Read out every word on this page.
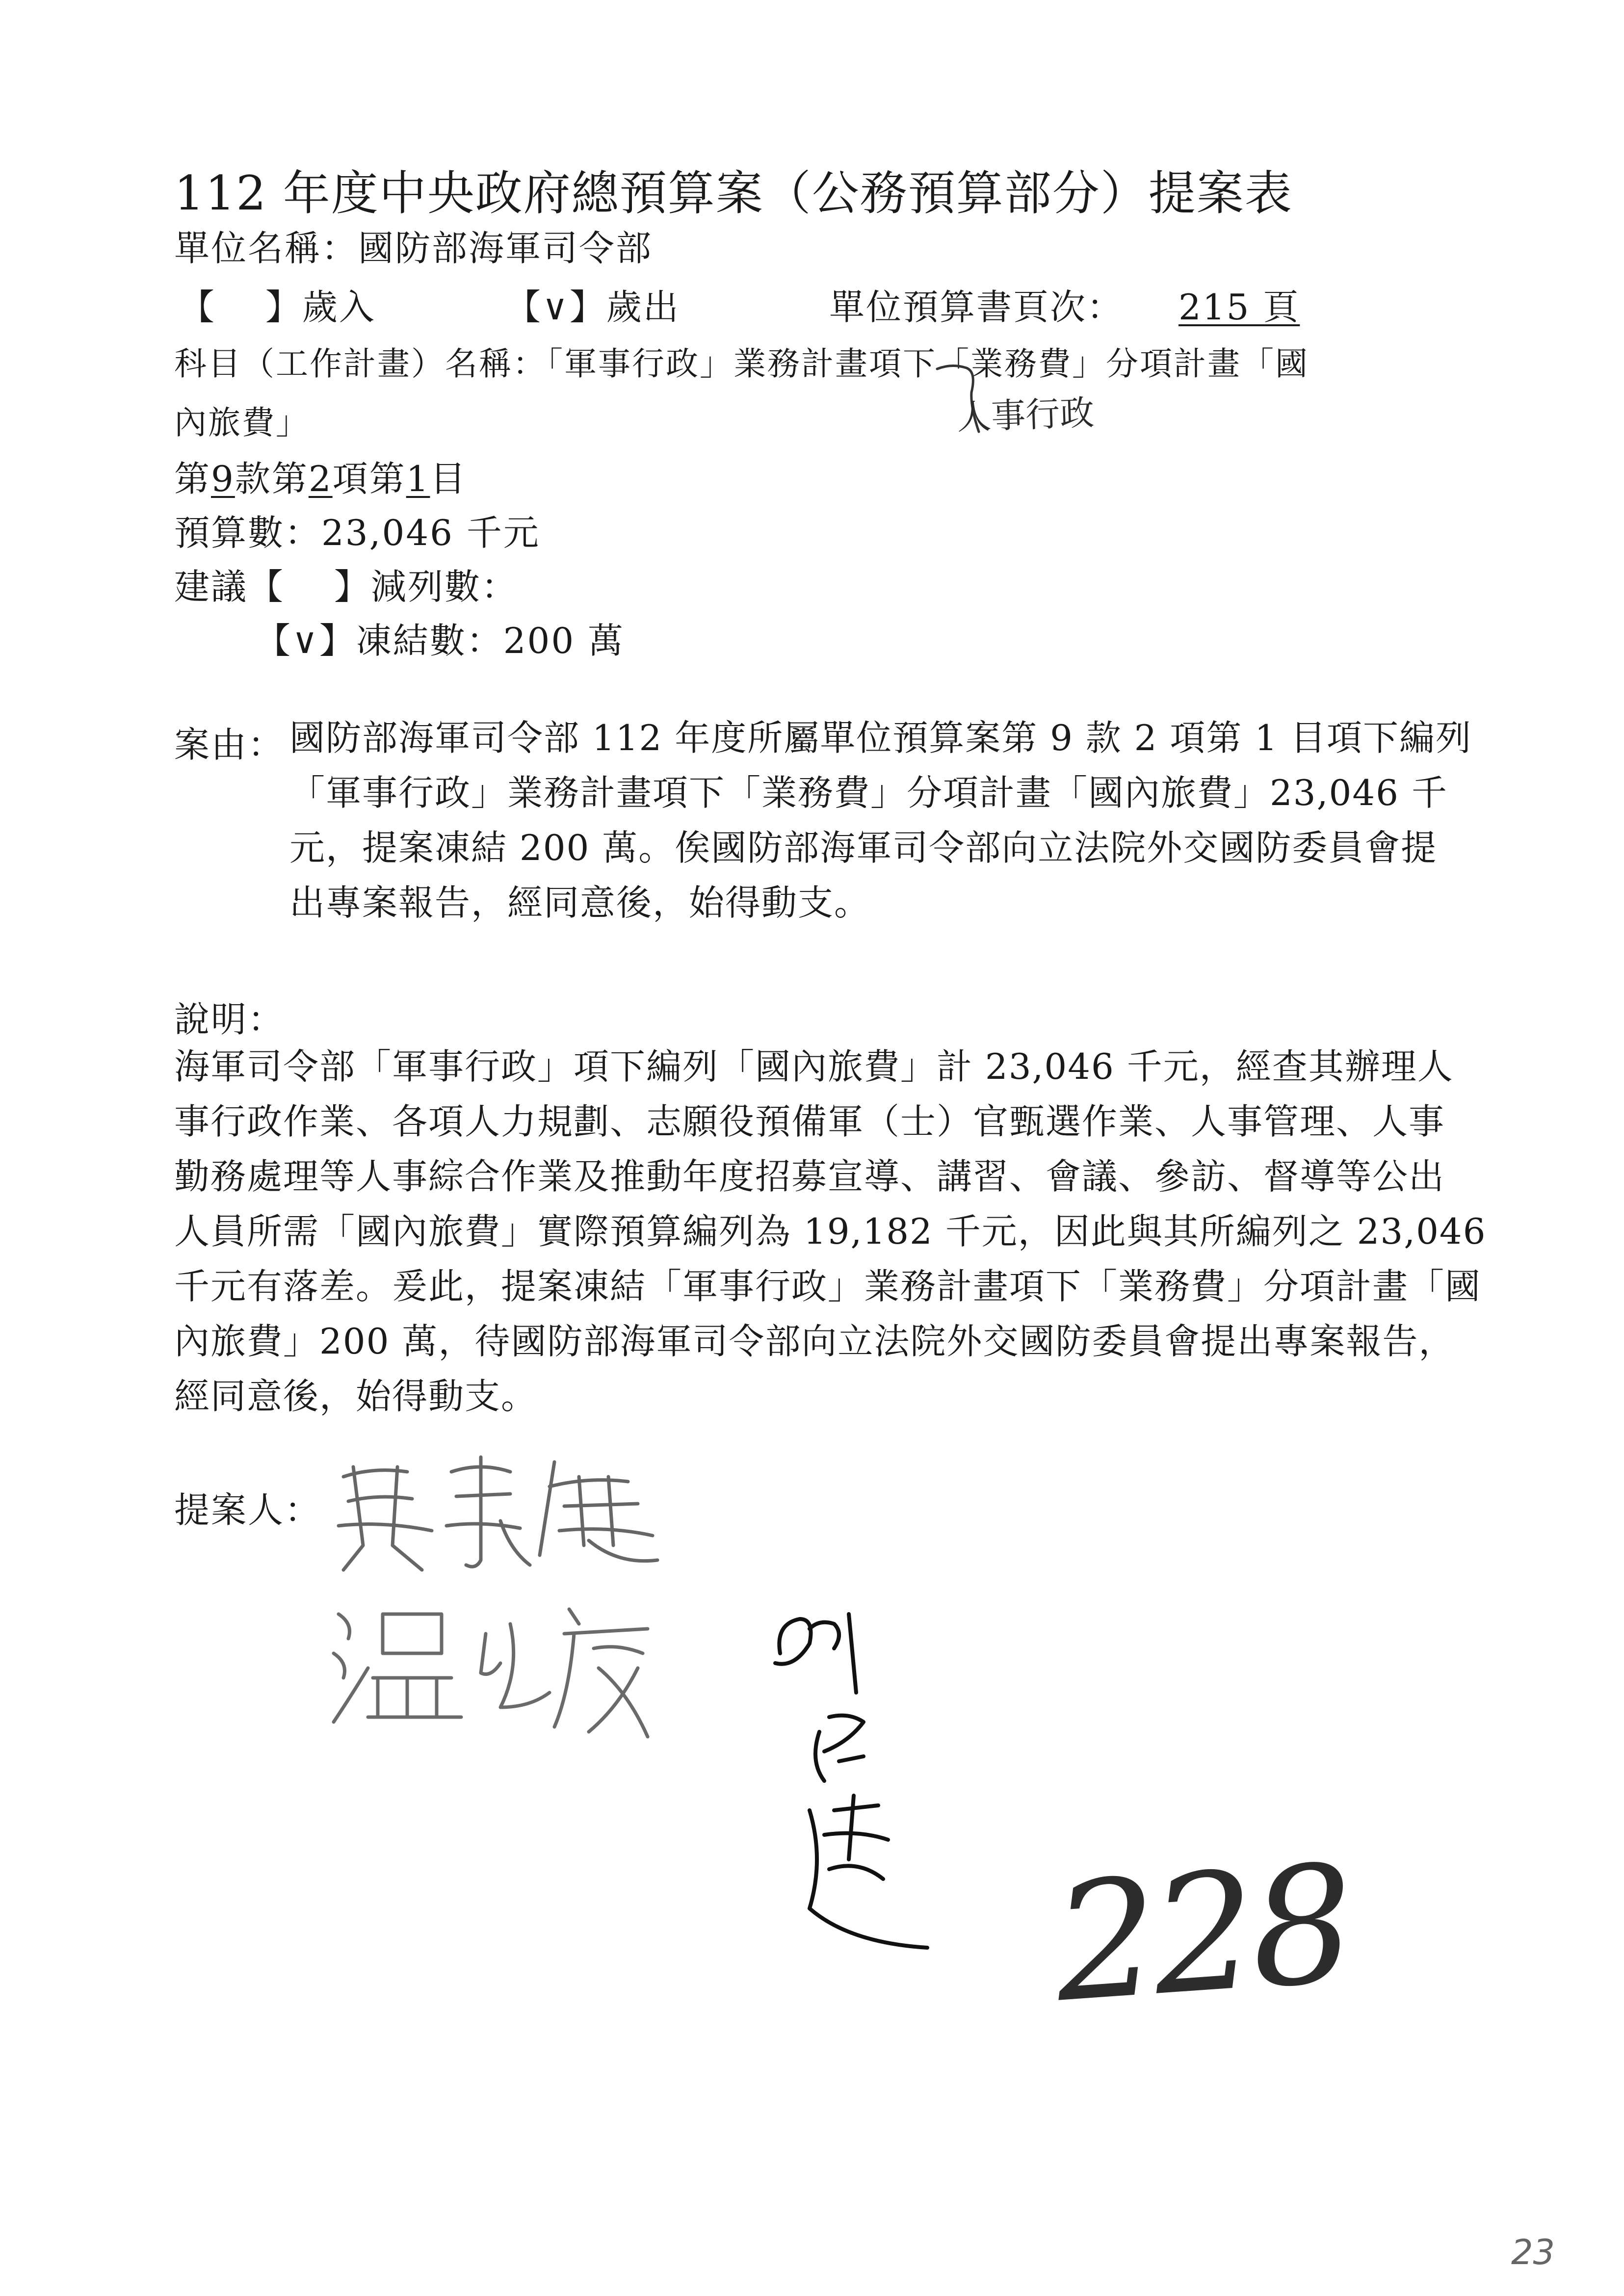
112 年度中央政府總預算案（公務預算部分）提案表
單位名稱：國防部海軍司令部
【　 】歲入	【∨】歲出	單位預算書頁次： 215 頁
科目（工作計畫）名稱：「軍事行政」業務計畫項下「業務費」分項計畫「國
內旅費」	人事行政
第9款第2項第1目
預算數：23,046 千元
建議【　 】減列數：
【∨】凍結數：200 萬
案由： 國防部海軍司令部 112 年度所屬單位預算案第 9 款 2 項第 1 目項下編列
「軍事行政」業務計畫項下「業務費」分項計畫「國內旅費」23,046 千
元，提案凍結 200 萬。俟國防部海軍司令部向立法院外交國防委員會提
出專案報告，經同意後，始得動支。
說明：
海軍司令部「軍事行政」項下編列「國內旅費」計 23,046 千元，經查其辦理人
事行政作業、各項人力規劃、志願役預備軍（士）官甄選作業、人事管理、人事
勤務處理等人事綜合作業及推動年度招募宣導、講習、會議、參訪、督導等公出
人員所需「國內旅費」實際預算編列為 19,182 千元，因此與其所編列之 23,046
千元有落差。爰此，提案凍結「軍事行政」業務計畫項下「業務費」分項計畫「國
內旅費」200 萬，待國防部海軍司令部向立法院外交國防委員會提出專案報告，
經同意後，始得動支。
提案人：
228
23
